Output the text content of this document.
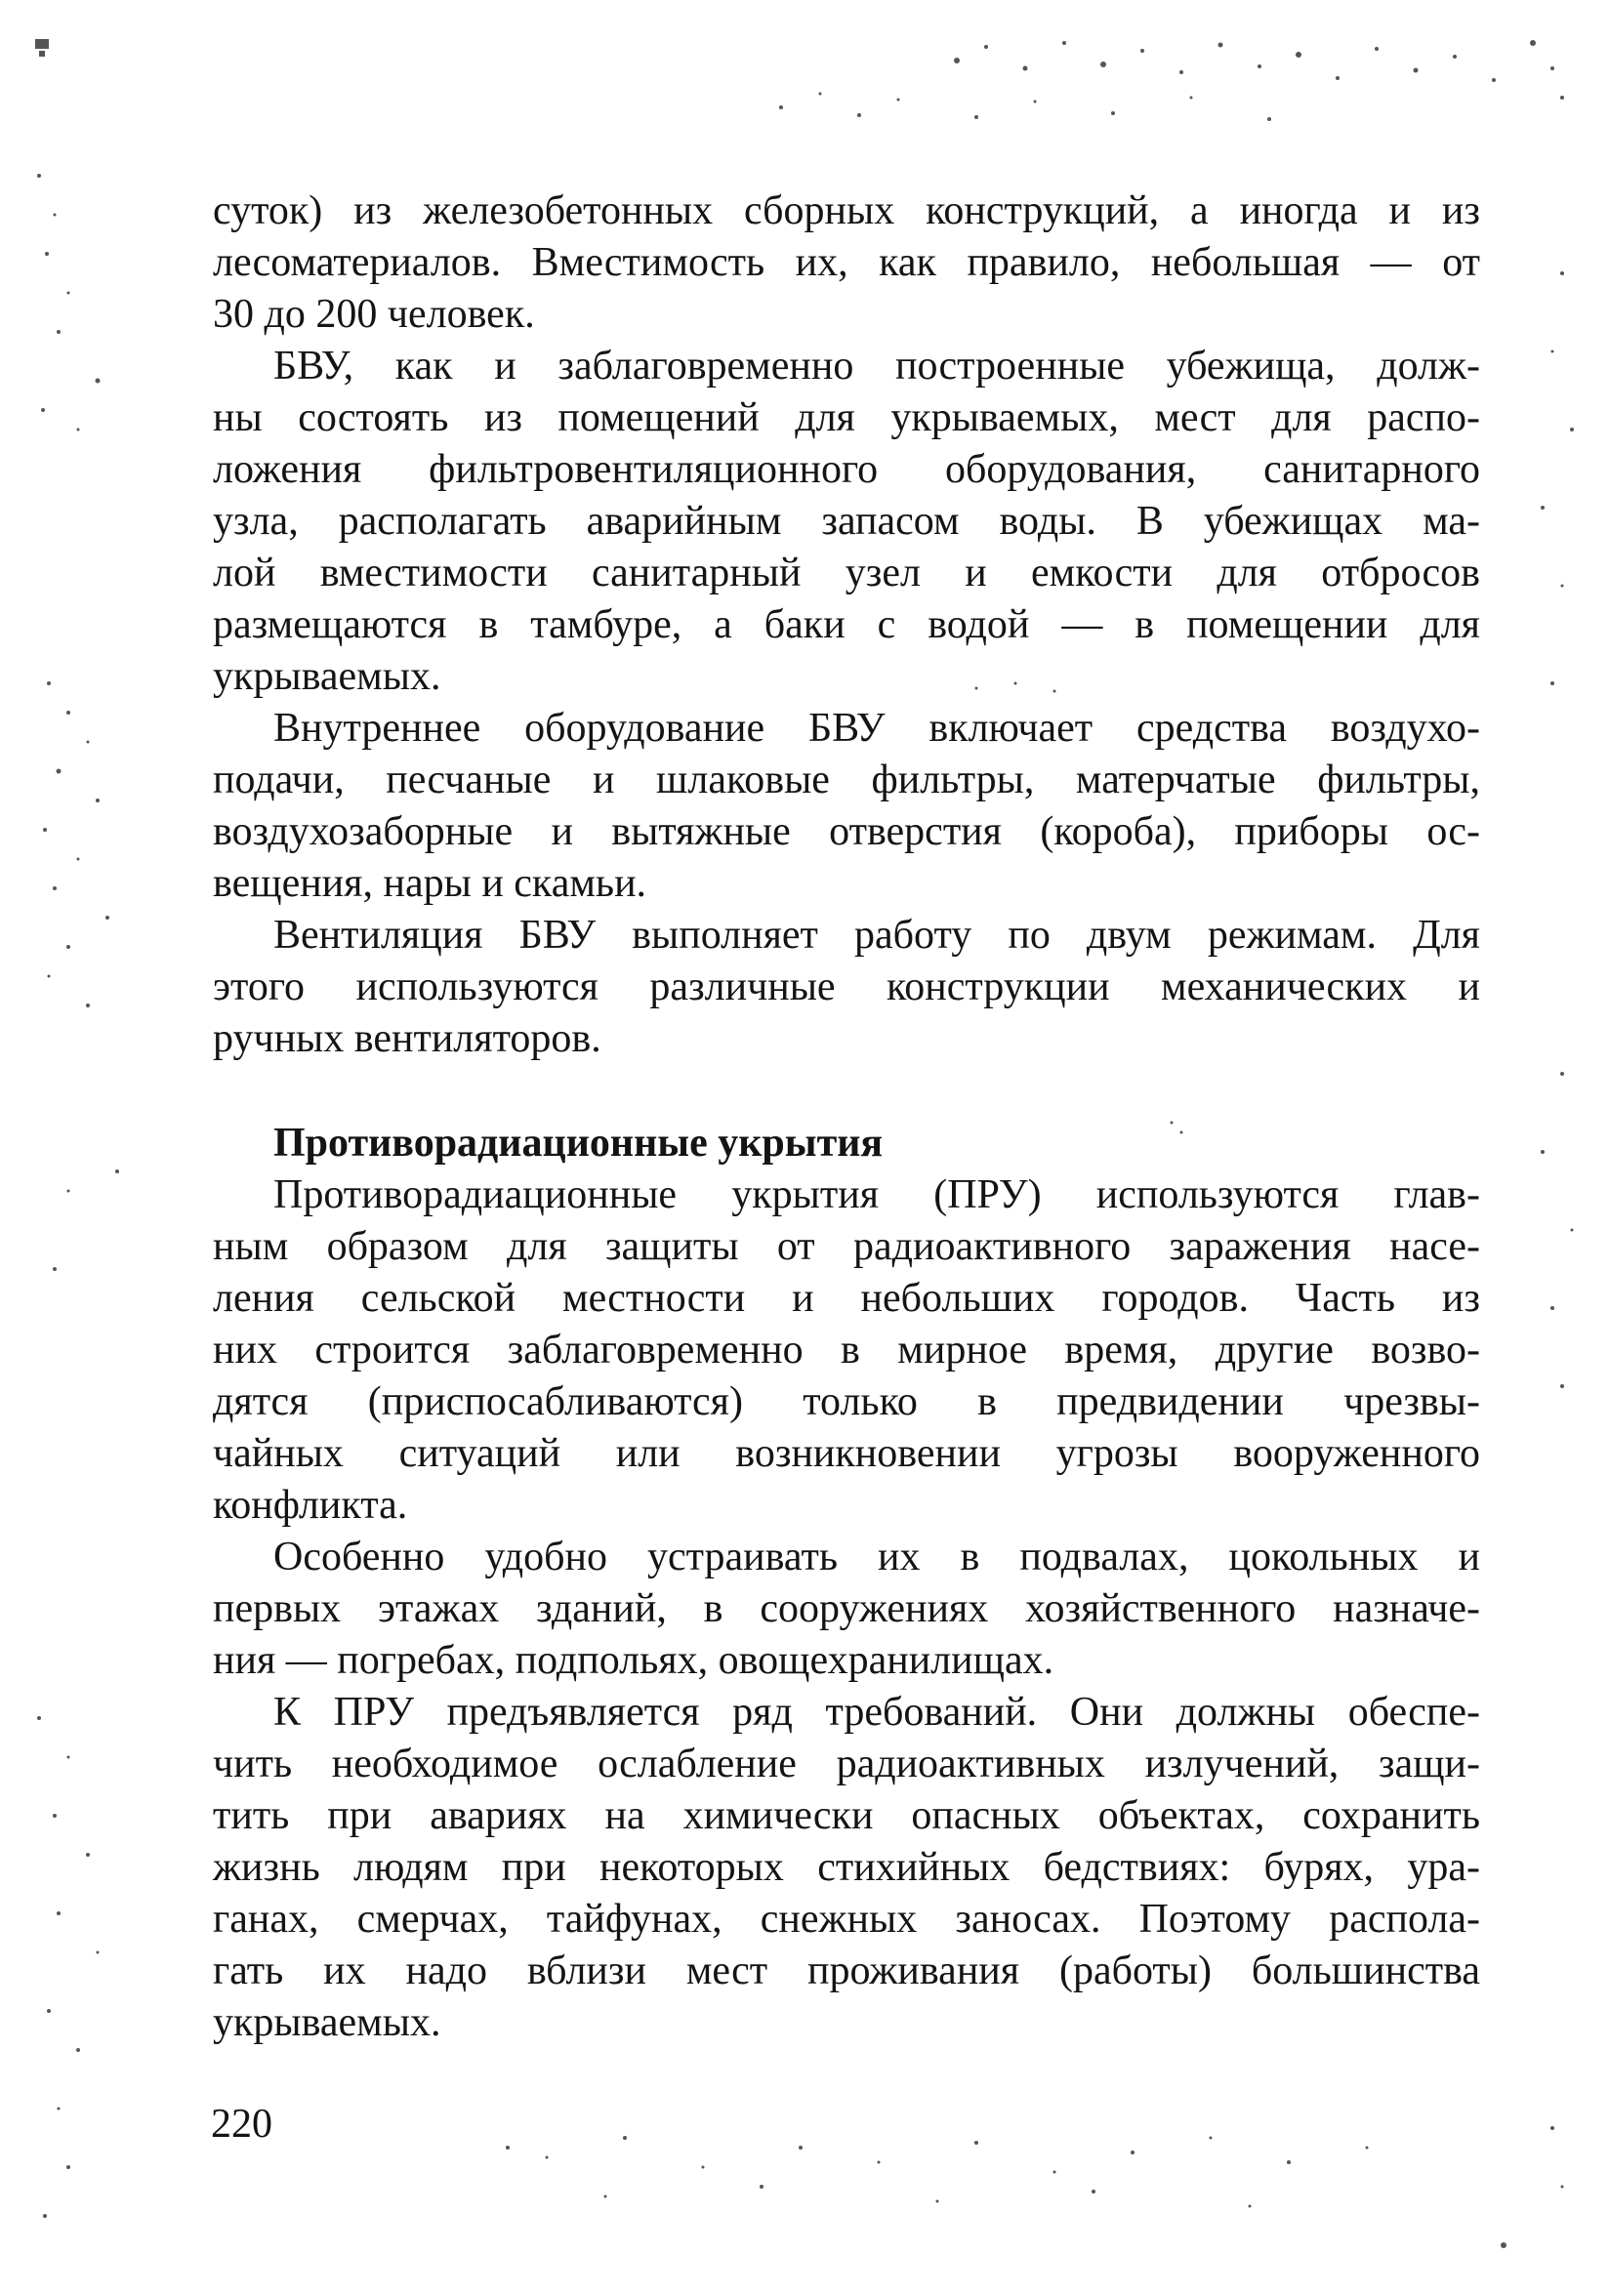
суток) из железобетонных сборных конструкций, а иногда и из
лесоматериалов. Вместимость их, как правило, небольшая — от
30 до 200 человек.
БВУ, как и заблаговременно построенные убежища, долж-
ны состоять из помещений для укрываемых, мест для распо-
ложения фильтровентиляционного оборудования, санитарного
узла, располагать аварийным запасом воды. В убежищах ма-
лой вместимости санитарный узел и емкости для отбросов
размещаются в тамбуре, а баки с водой — в помещении для
укрываемых.
Внутреннее оборудование БВУ включает средства воздухо-
подачи, песчаные и шлаковые фильтры, матерчатые фильтры,
воздухозаборные и вытяжные отверстия (короба), приборы ос-
вещения, нары и скамьи.
Вентиляция БВУ выполняет работу по двум режимам. Для
этого используются различные конструкции механических и
ручных вентиляторов.
Противорадиационные укрытия
Противорадиационные укрытия (ПРУ) используются глав-
ным образом для защиты от радиоактивного заражения насе-
ления сельской местности и небольших городов. Часть из
них строится заблаговременно в мирное время, другие возво-
дятся (приспосабливаются) только в предвидении чрезвы-
чайных ситуаций или возникновении угрозы вооруженного
конфликта.
Особенно удобно устраивать их в подвалах, цокольных и
первых этажах зданий, в сооружениях хозяйственного назначе-
ния — погребах, подпольях, овощехранилищах.
К ПРУ предъявляется ряд требований. Они должны обеспе-
чить необходимое ослабление радиоактивных излучений, защи-
тить при авариях на химически опасных объектах, сохранить
жизнь людям при некоторых стихийных бедствиях: бурях, ура-
ганах, смерчах, тайфунах, снежных заносах. Поэтому распола-
гать их надо вблизи мест проживания (работы) большинства
укрываемых.
220
